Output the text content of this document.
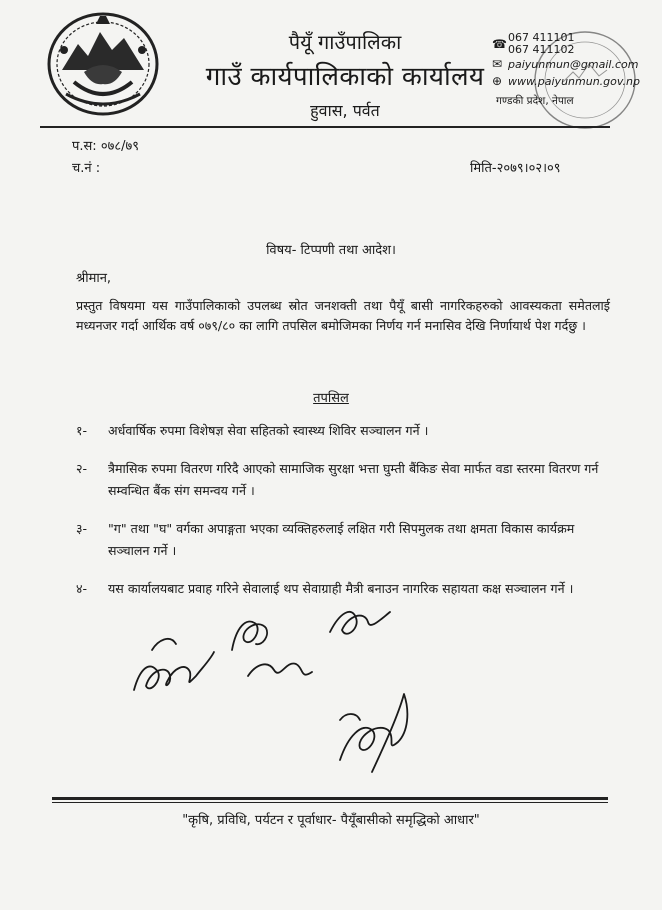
पैयूँ गाउँपालिका
गाउँ कार्यपालिकाको कार्यालय
हुवास, पर्वत
☎ 067 411101
067 411102
✉ paiyunmun@gmail.com
⊕ www.paiyunmun.gov.np
गण्डकी प्रदेश, नेपाल
प.स: ०७८/७९
च.नं :	मिति-२०७९।०२।०९
विषय- टिप्पणी तथा आदेश।
श्रीमान,
प्रस्तुत विषयमा यस गाउँपालिकाको उपलब्ध स्रोत जनशक्ती तथा पैयूँ बासी नागरिकहरुको आवस्यकता समेतलाई मध्यनजर गर्दा आर्थिक वर्ष ०७९/८० का लागि तपसिल बमोजिमका निर्णय गर्न मनासिव देखि निर्णायार्थ पेश गर्दछु ।
तपसिल
१-	अर्धवार्षिक रुपमा विशेषज्ञ सेवा सहितको स्वास्थ्य शिविर सञ्चालन गर्ने ।
२-	त्रैमासिक रुपमा वितरण गरिदै आएको सामाजिक सुरक्षा भत्ता घुम्ती बैंकिङ सेवा मार्फत वडा स्तरमा वितरण गर्न सम्वन्धित बैंक संग समन्वय गर्ने ।
३-	"ग" तथा "घ" वर्गका अपाङ्गता भएका व्यक्तिहरुलाई लक्षित गरी सिपमुलक तथा क्षमता विकास कार्यक्रम सञ्चालन गर्ने ।
४-	यस कार्यालयबाट प्रवाह गरिने सेवालाई थप सेवाग्राही मैत्री बनाउन नागरिक सहायता कक्ष सञ्चालन गर्ने ।
"कृषि, प्रविधि, पर्यटन र पूर्वाधार- पैयूँबासीको समृद्धिको आधार"
